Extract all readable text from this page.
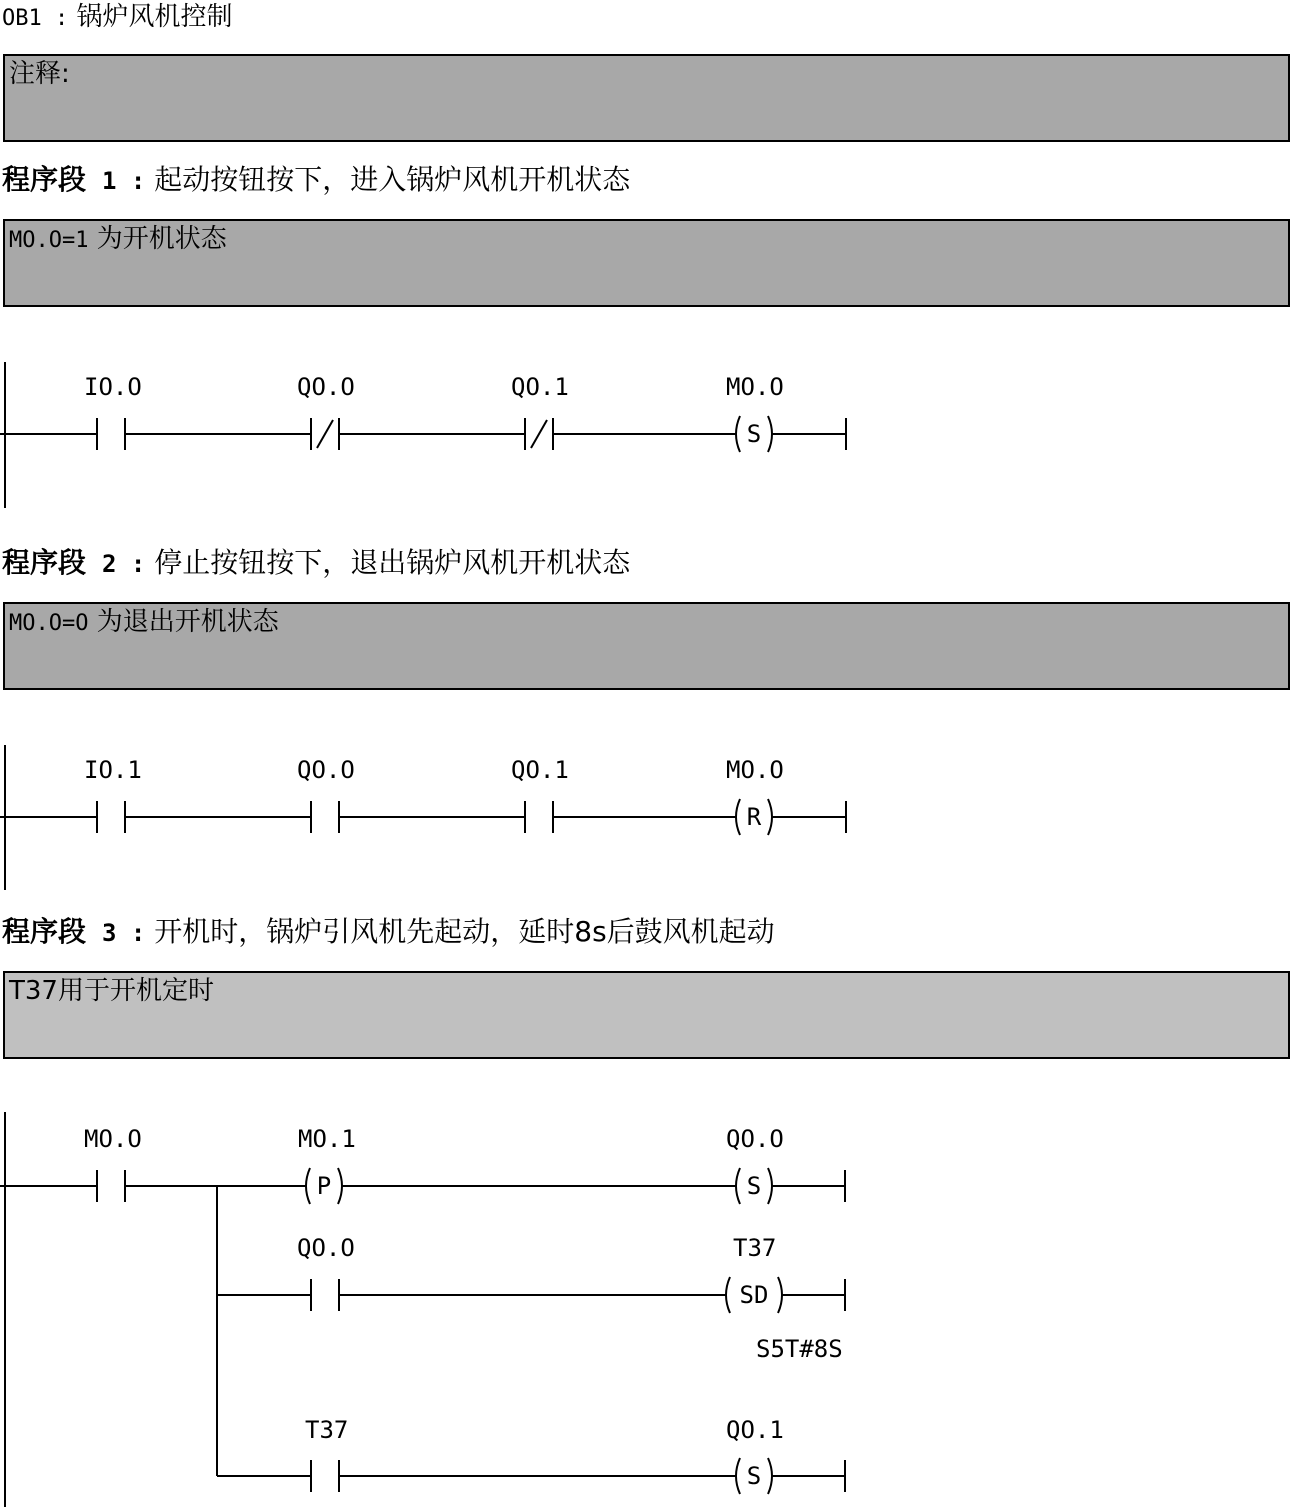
OB1 : 锅炉风机控制
注释:
程序段 1 : 起动按钮按下，进入锅炉风机开机状态
MO.O=1 为开机状态
程序段 2 : 停止按钮按下，退出锅炉风机开机状态
MO.O=O 为退出开机状态
程序段 3 : 开机时，锅炉引风机先起动，延时8s后鼓风机起动
T37用于开机定时
IO.O	QO.O	QO.1
S
MO.O
IO.1	QO.O	QO.1
R
MO.O
MO.O
P
MO.1
S
QO.O
QO.O
SD
T37
S5T#8S
T37
S
QO.1
